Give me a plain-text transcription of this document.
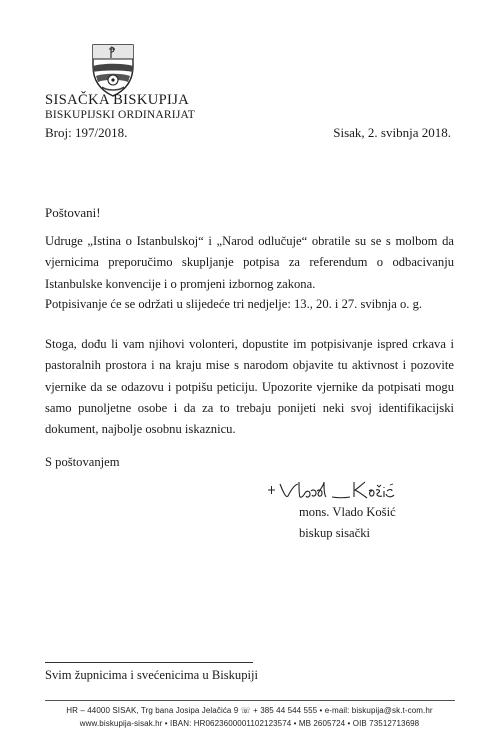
SISAČKA BISKUPIJA
BISKUPIJSKI ORDINARIJAT
Broj: 197/2018.	Sisak, 2. svibnja 2018.
Poštovani!
Udruge „Istina o Istanbulskoj“ i „Narod odlučuje“ obratile su se s molbom da vjernicima preporučimo skupljanje potpisa za referendum o odbacivanju Istanbulske konvencije i o promjeni izbornog zakona.
Potpisivanje će se održati u slijedeće tri nedjelje: 13., 20. i 27. svibnja o. g.
Stoga, dođu li vam njihovi volonteri, dopustite im potpisivanje ispred crkava i pastoralnih prostora i na kraju mise s narodom objavite tu aktivnost i pozovite vjernike da se odazovu i potpišu peticiju. Upozorite vjernike da potpisati mogu samo punoljetne osobe i da za to trebaju ponijeti neki svoj identifikacijski dokument, najbolje osobnu iskaznicu.
S poštovanjem
mons. Vlado Košić
biskup sisački
Svim župnicima i svećenicima u Biskupiji
HR – 44000 SISAK, Trg bana Josipa Jelačića 9 ☏ + 385 44 544 555 • e-mail: biskupija@sk.t-com.hr
www.biskupija-sisak.hr • IBAN: HR0623600001102123574 • MB 2605724 • OIB 73512713698
